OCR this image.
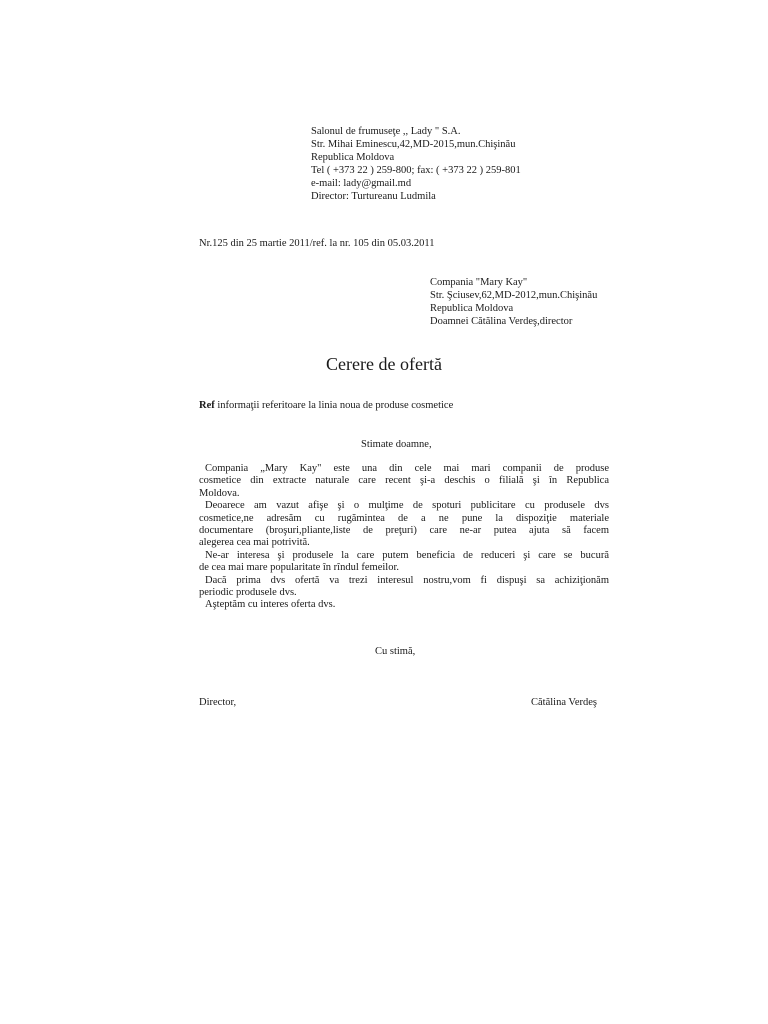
Salonul de frumuseţe ,, Lady " S.A.
Str. Mihai Eminescu,42,MD-2015,mun.Chişinău
Republica Moldova
Tel ( +373 22 ) 259-800; fax: ( +373 22 ) 259-801
e-mail: lady@gmail.md
Director: Turtureanu Ludmila
Nr.125 din 25 martie 2011/ref. la nr. 105 din 05.03.2011
Compania "Mary Kay"
Str. Şciusev,62,MD-2012,mun.Chişinău
Republica Moldova
Doamnei Cătălina Verdeş,director
Cerere de ofertă
Ref informaţii referitoare la linia noua de produse cosmetice
Stimate doamne,
Compania „Mary Kay" este una din cele mai mari companii de produse
cosmetice din extracte naturale care recent şi-a deschis o filială şi în Republica
Moldova.
Deoarece am vazut afişe şi o mulţime de spoturi publicitare cu produsele dvs
cosmetice,ne adresăm cu rugămintea de a ne pune la dispoziţie materiale
documentare (broşuri,pliante,liste de preţuri) care ne-ar putea ajuta să facem
alegerea cea mai potrivită.
Ne-ar interesa şi produsele la care putem beneficia de reduceri şi care se bucură
de cea mai mare popularitate în rîndul femeilor.
Dacă prima dvs ofertă va trezi interesul nostru,vom fi dispuşi sa achiziţionăm
periodic produsele dvs.
Aşteptăm cu interes oferta dvs.
Cu stimă,
Director,	Cătălina Verdeş
